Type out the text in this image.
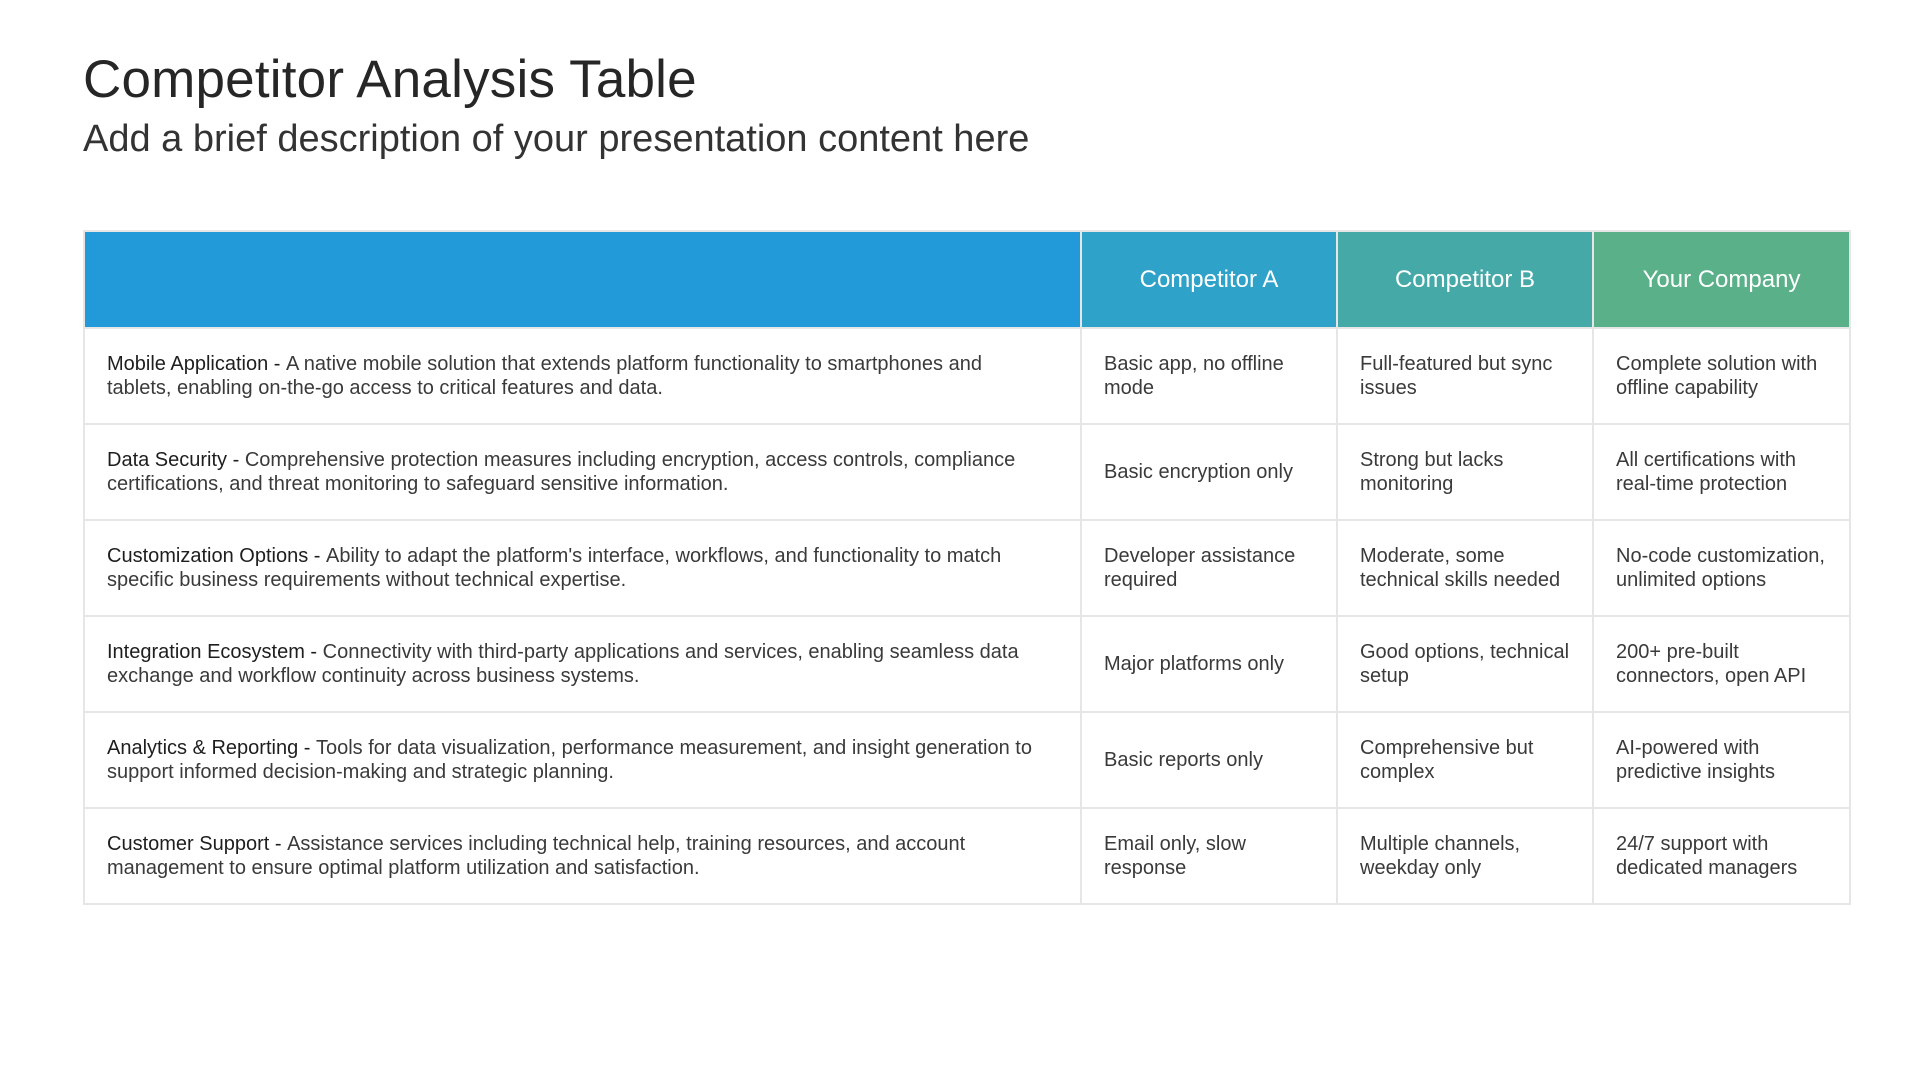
Competitor Analysis Table
Add a brief description of your presentation content here
	Competitor A	Competitor B	Your Company
Mobile Application - A native mobile solution that extends platform functionality to smartphones and tablets, enabling on-the-go access to critical features and data.	Basic app, no offline mode	Full-featured but sync issues	Complete solution with offline capability
Data Security - Comprehensive protection measures including encryption, access controls, compliance certifications, and threat monitoring to safeguard sensitive information.	Basic encryption only	Strong but lacks monitoring	All certifications with real-time protection
Customization Options - Ability to adapt the platform's interface, workflows, and functionality to match specific business requirements without technical expertise.	Developer assistance required	Moderate, some technical skills needed	No-code customization, unlimited options
Integration Ecosystem - Connectivity with third-party applications and services, enabling seamless data exchange and workflow continuity across business systems.	Major platforms only	Good options, technical setup	200+ pre-built connectors, open API
Analytics & Reporting - Tools for data visualization, performance measurement, and insight generation to support informed decision-making and strategic planning.	Basic reports only	Comprehensive but complex	AI-powered with predictive insights
Customer Support - Assistance services including technical help, training resources, and account management to ensure optimal platform utilization and satisfaction.	Email only, slow response	Multiple channels, weekday only	24/7 support with dedicated managers
